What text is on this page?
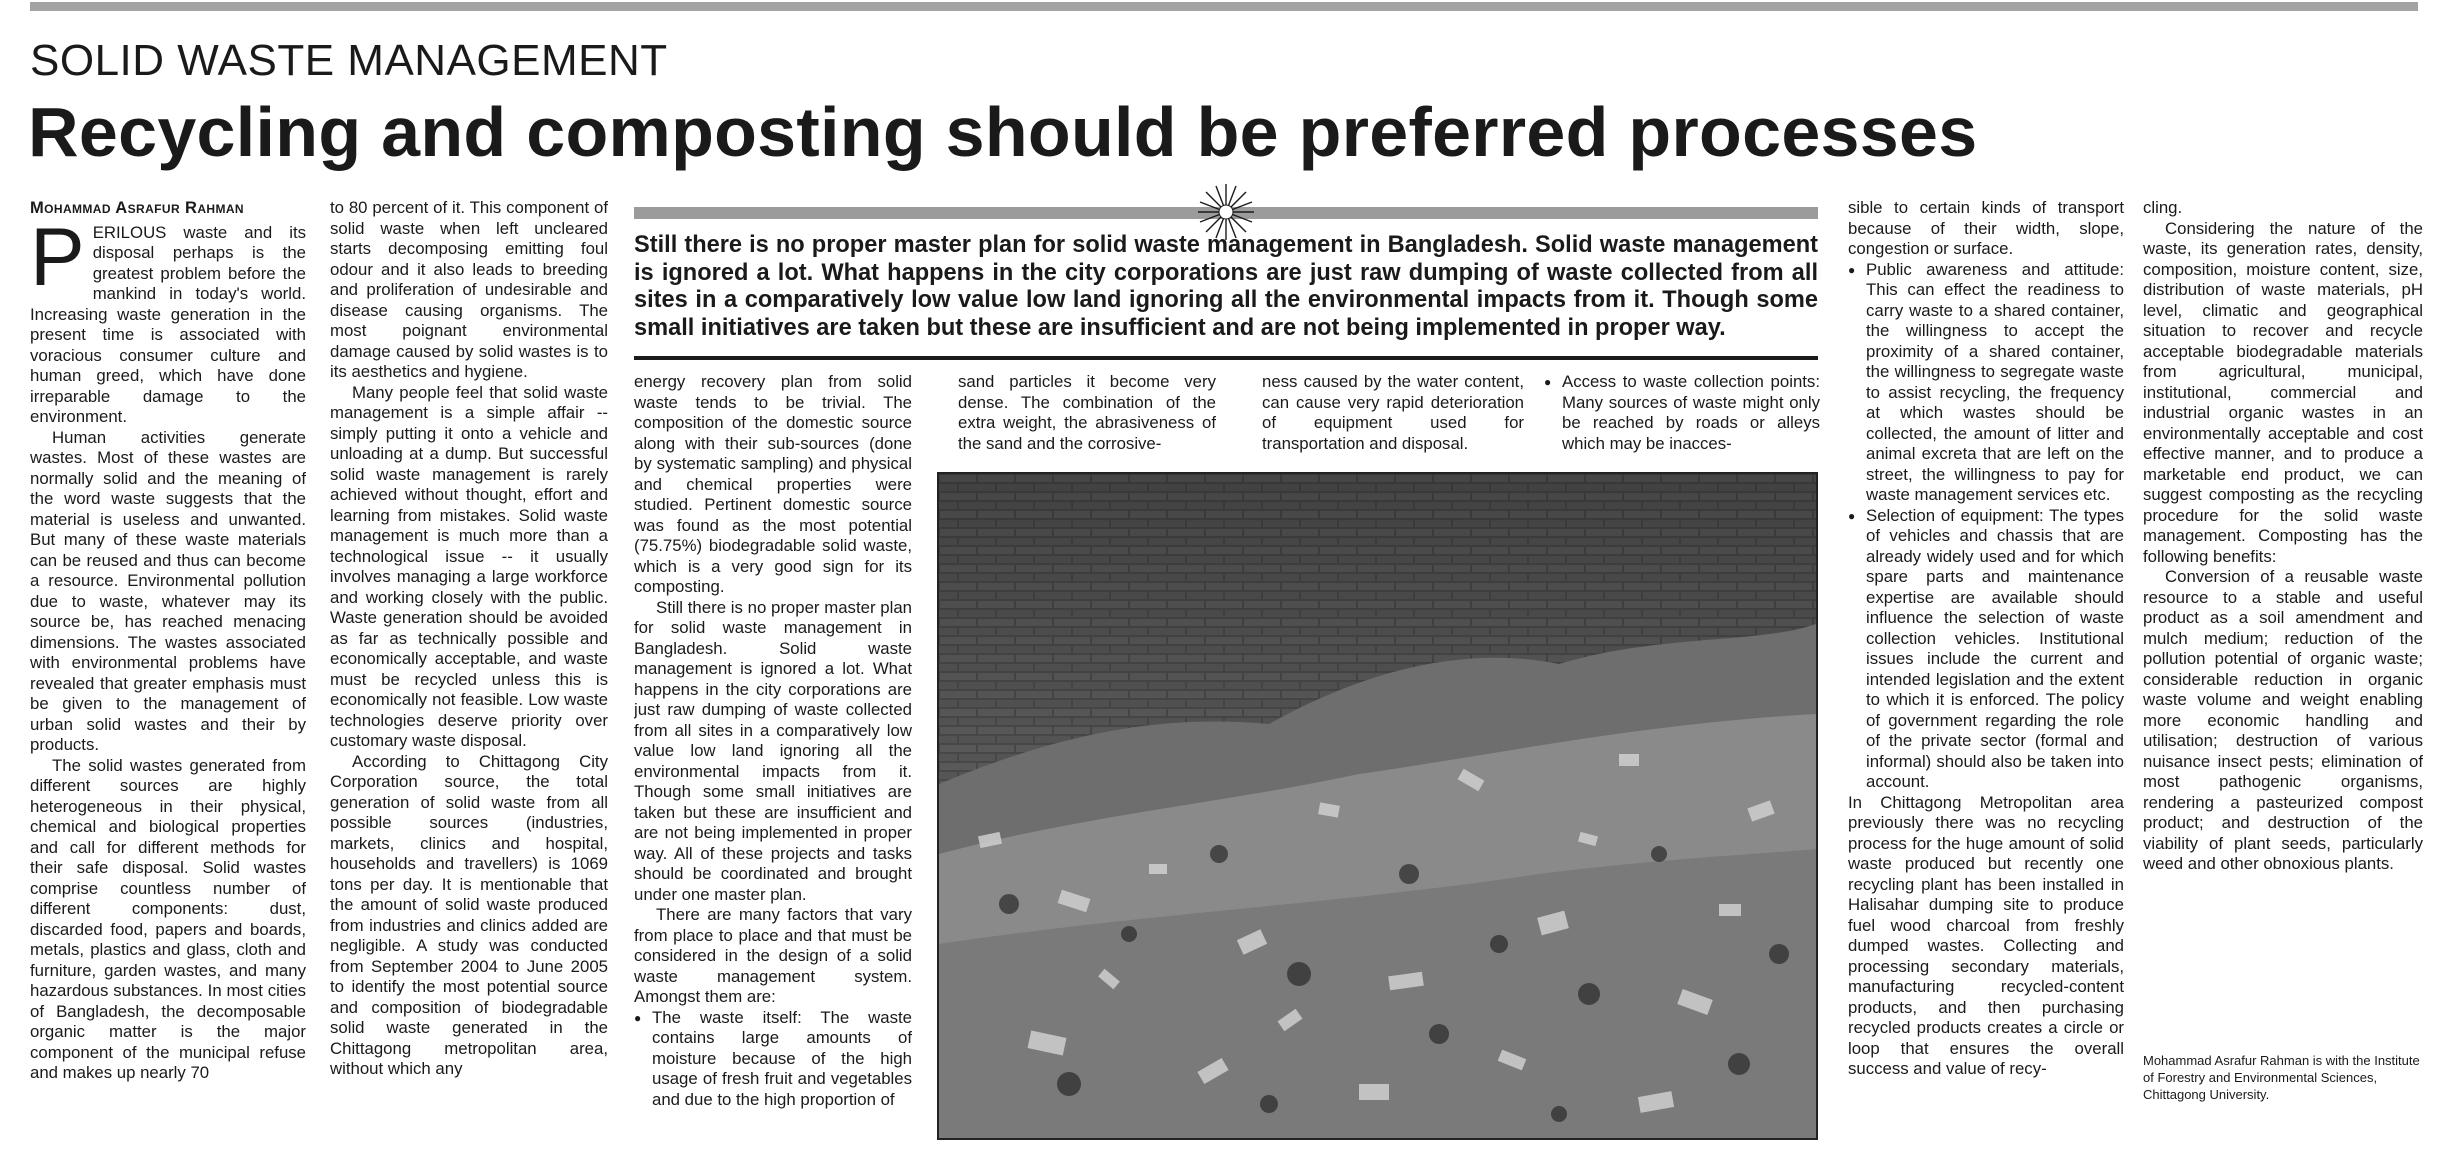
SOLID WASTE MANAGEMENT
Recycling and composting should be preferred processes
Mohammad Asrafur Rahman
P ERILOUS waste and its disposal perhaps is the greatest problem before the mankind in today's world. Increasing waste generation in the present time is associated with voracious consumer culture and human greed, which have done irreparable damage to the environment.

Human activities generate wastes. Most of these wastes are normally solid and the meaning of the word waste suggests that the material is useless and unwanted. But many of these waste materials can be reused and thus can become a resource. Environmental pollution due to waste, whatever may its source be, has reached menacing dimensions. The wastes associated with environmental problems have revealed that greater emphasis must be given to the management of urban solid wastes and their by products.

The solid wastes generated from different sources are highly heterogeneous in their physical, chemical and biological properties and call for different methods for their safe disposal. Solid wastes comprise countless number of different components: dust, discarded food, papers and boards, metals, plastics and glass, cloth and furniture, garden wastes, and many hazardous substances. In most cities of Bangladesh, the decomposable organic matter is the major component of the municipal refuse and makes up nearly 70

to 80 percent of it. This component of solid waste when left uncleared starts decomposing emitting foul odour and it also leads to breeding and proliferation of undesirable and disease causing organisms. The most poignant environmental damage caused by solid wastes is to its aesthetics and hygiene.

Many people feel that solid waste management is a simple affair -- simply putting it onto a vehicle and unloading at a dump. But successful solid waste management is rarely achieved without thought, effort and learning from mistakes. Solid waste management is much more than a technological issue -- it usually involves managing a large workforce and working closely with the public. Waste generation should be avoided as far as technically possible and economically acceptable, and waste must be recycled unless this is economically not feasible. Low waste technologies deserve priority over customary waste disposal.

According to Chittagong City Corporation source, the total generation of solid waste from all possible sources (industries, markets, clinics and hospital, households and travellers) is 1069 tons per day. It is mentionable that the amount of solid waste produced from industries and clinics added are negligible. A study was conducted from September 2004 to June 2005 to identify the most potential source and composition of biodegradable solid waste generated in the Chittagong metropolitan area, without which any

Still there is no proper master plan for solid waste management in Bangladesh. Solid waste management is ignored a lot. What happens in the city corporations are just raw dumping of waste collected from all sites in a comparatively low value low land ignoring all the environmental impacts from it. Though some small initiatives are taken but these are insufficient and are not being implemented in proper way.

energy recovery plan from solid waste tends to be trivial. The composition of the domestic source along with their sub-sources (done by systematic sampling) and physical and chemical properties were studied. Pertinent domestic source was found as the most potential (75.75%) biodegradable solid waste, which is a very good sign for its composting.

Still there is no proper master plan for solid waste management in Bangladesh. Solid waste management is ignored a lot. What happens in the city corporations are just raw dumping of waste collected from all sites in a comparatively low value low land ignoring all the environmental impacts from it. Though some small initiatives are taken but these are insufficient and are not being implemented in proper way. All of these projects and tasks should be coordinated and brought under one master plan.

There are many factors that vary from place to place and that must be considered in the design of a solid waste management system. Amongst them are:

● The waste itself: The waste contains large amounts of moisture because of the high usage of fresh fruit and vegetables and due to the high proportion of

sand particles it become very dense. The combination of the extra weight, the abrasiveness of the sand and the corrosive-

ness caused by the water content, can cause very rapid deterioration of equipment used for transportation and disposal.

● Access to waste collection points: Many sources of waste might only be reached by roads or alleys which may be inacces-

sible to certain kinds of transport because of their width, slope, congestion or surface.

● Public awareness and attitude: This can effect the readiness to carry waste to a shared container, the willingness to accept the proximity of a shared container, the willingness to segregate waste to assist recycling, the frequency at which wastes should be collected, the amount of litter and animal excreta that are left on the street, the willingness to pay for waste management services etc.

● Selection of equipment: The types of vehicles and chassis that are already widely used and for which spare parts and maintenance expertise are available should influence the selection of waste collection vehicles. Institutional issues include the current and intended legislation and the extent to which it is enforced. The policy of government regarding the role of the private sector (formal and informal) should also be taken into account.

In Chittagong Metropolitan area previously there was no recycling process for the huge amount of solid waste produced but recently one recycling plant has been installed in Halisahar dumping site to produce fuel wood charcoal from freshly dumped wastes. Collecting and processing secondary materials, manufacturing recycled-content products, and then purchasing recycled products creates a circle or loop that ensures the overall success and value of recy-

cling.

Considering the nature of the waste, its generation rates, density, composition, moisture content, size, distribution of waste materials, pH level, climatic and geographical situation to recover and recycle acceptable biodegradable materials from agricultural, municipal, institutional, commercial and industrial organic wastes in an environmentally acceptable and cost effective manner, and to produce a marketable end product, we can suggest composting as the recycling procedure for the solid waste management. Composting has the following benefits:

Conversion of a reusable waste resource to a stable and useful product as a soil amendment and mulch medium; reduction of the pollution potential of organic waste; considerable reduction in organic waste volume and weight enabling more economic handling and utilisation; destruction of various nuisance insect pests; elimination of most pathogenic organisms, rendering a pasteurized compost product; and destruction of the viability of plant seeds, particularly weed and other obnoxious plants.

Mohammad Asrafur Rahman is with the Institute of Forestry and Environmental Sciences, Chittagong University.
